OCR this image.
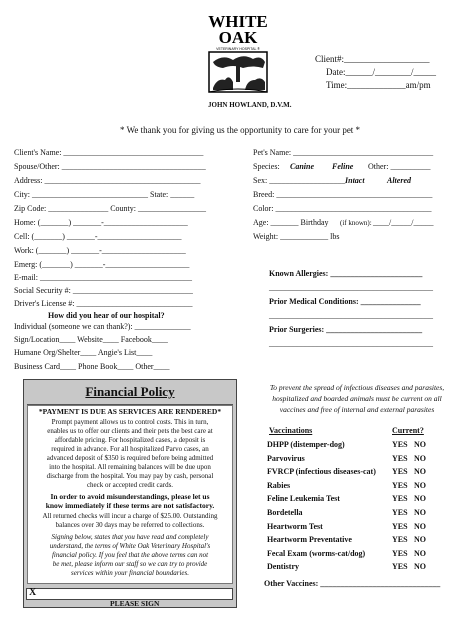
WHITE
OAK
VETERINARY HOSPITAL ®
JOHN HOWLAND, D.V.M.
Client#:___________________
Date:______/________/_____
Time:_____________am/pm
* We thank you for giving us the opportunity to care for your pet *
Client's Name: ___________________________________
Spouse/Other: ____________________________________
Address: _______________________________________
City: _____________________________ State: ______
Zip Code: _______________ County: _________________
Home: (_______) _______-_____________________
Cell: (_______) _______-_____________________
Work: (_______) _______-_____________________
Emerg: (_______) _______-_____________________
E-mail: ______________________________________
Social Security #: ______________________________
Driver's License #: _____________________________
How did you hear of our hospital?
Individual (someone we can thank?): ______________
Sign/Location____ Website____ Facebook____
Humane Org/Shelter____ Angie's List____
Business Card____ Phone Book____ Other____
Pet's Name: ___________________________________
Species: Canine Feline Other: __________
Sex: ___________________ Intact	Altered
Breed: _______________________________________
Color: _______________________________________
Age: _______ Birthday (if known): ____/_____/_____
Weight: ____________ lbs
Known Allergies: _______________________
_________________________________________
Prior Medical Conditions: _______________
_________________________________________
Prior Surgeries: ________________________
_________________________________________
Financial Policy
*PAYMENT IS DUE AS SERVICES ARE RENDERED*
Prompt payment allows us to control costs. This in turn,
enables us to offer our clients and their pets the best care at
affordable pricing. For hospitalized cases, a deposit is
required in advance. For all hospitalized Parvo cases, an
advanced deposit of $350 is required before being admitted
into the hospital. All remaining balances will be due upon
discharge from the hospital. You may pay by cash, personal
check or accepted credit cards.
In order to avoid misunderstandings, please let us
know immediately if these terms are not satisfactory.
All returned checks will incur a charge of $25.00. Outstanding
balances over 30 days may be referred to collections.
Signing below, states that you have read and completely
understand, the terms of White Oak Veterinary Hospital's
financial policy. If you feel that the above terms can not
be met, please inform our staff so we can try to provide
services within your financial boundaries.
X
PLEASE SIGN
To prevent the spread of infectious diseases and parasites,
hospitalized and boarded animals must be current on all
vaccines and free of internal and external parasites
Vaccinations	Current?
DHPP (distemper-dog)	YES NO
Parvovirus	YES NO
FVRCP (infectious diseases-cat) YES NO
Rabies	YES NO
Feline Leukemia Test	YES NO
Bordetella	YES NO
Heartworm Test	YES NO
Heartworm Preventative	YES NO
Fecal Exam (worms-cat/dog)	YES NO
Dentistry	YES NO
Other Vaccines: ______________________________
